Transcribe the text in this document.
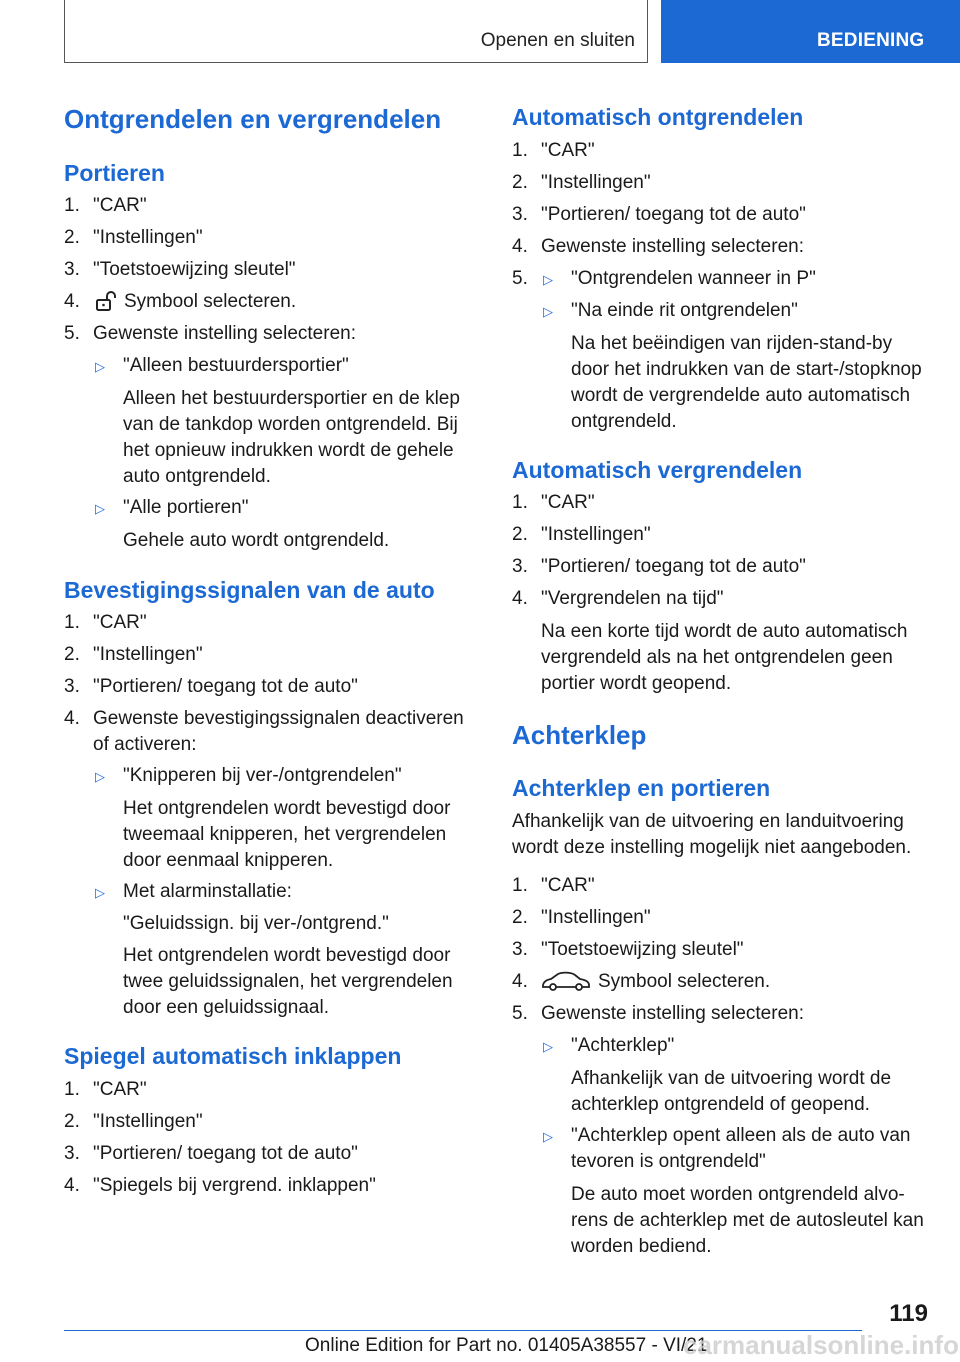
Openen en sluiten	BEDIENING
Ontgrendelen en vergrendelen
Portieren
1. "CAR"
2. "Instellingen"
3. "Toetstoewijzing sleutel"
4. Symbool selecteren.
5. Gewenste instelling selecteren:
▷ "Alleen bestuurdersportier"
Alleen het bestuurdersportier en de klep
van de tankdop worden ontgrendeld. Bij
het opnieuw indrukken wordt de gehele
auto ontgrendeld.
▷ "Alle portieren"
Gehele auto wordt ontgrendeld.
Bevestigingssignalen van de auto
1. "CAR"
2. "Instellingen"
3. "Portieren/ toegang tot de auto"
4. Gewenste bevestigingssignalen deactiveren
of activeren:
▷ "Knipperen bij ver-/ontgrendelen"
Het ontgrendelen wordt bevestigd door
tweemaal knipperen, het vergrendelen
door eenmaal knipperen.
▷ Met alarminstallatie:
"Geluidssign. bij ver-/ontgrend."
Het ontgrendelen wordt bevestigd door
twee geluidssignalen, het vergrendelen
door een geluidssignaal.
Spiegel automatisch inklappen
1. "CAR"
2. "Instellingen"
3. "Portieren/ toegang tot de auto"
4. "Spiegels bij vergrend. inklappen"
Automatisch ontgrendelen
1. "CAR"
2. "Instellingen"
3. "Portieren/ toegang tot de auto"
4. Gewenste instelling selecteren:
5. ▷ "Ontgrendelen wanneer in P"
▷ "Na einde rit ontgrendelen"
Na het beëindigen van rijden-stand-by
door het indrukken van de start-/stopknop
wordt de vergrendelde auto automatisch
ontgrendeld.
Automatisch vergrendelen
1. "CAR"
2. "Instellingen"
3. "Portieren/ toegang tot de auto"
4. "Vergrendelen na tijd"
Na een korte tijd wordt de auto automatisch
vergrendeld als na het ontgrendelen geen
portier wordt geopend.
Achterklep
Achterklep en portieren
Afhankelijk van de uitvoering en landuitvoering
wordt deze instelling mogelijk niet aangeboden.
1. "CAR"
2. "Instellingen"
3. "Toetstoewijzing sleutel"
4.	Symbool selecteren.
5. Gewenste instelling selecteren:
▷ "Achterklep"
Afhankelijk van de uitvoering wordt de
achterklep ontgrendeld of geopend.
▷ "Achterklep opent alleen als de auto van
tevoren is ontgrendeld"
De auto moet worden ontgrendeld alvo-
rens de achterklep met de autosleutel kan
worden bediend.
119
Online Edition for Part no. 01405A38557 - VI/21
carmanualsonline.info
